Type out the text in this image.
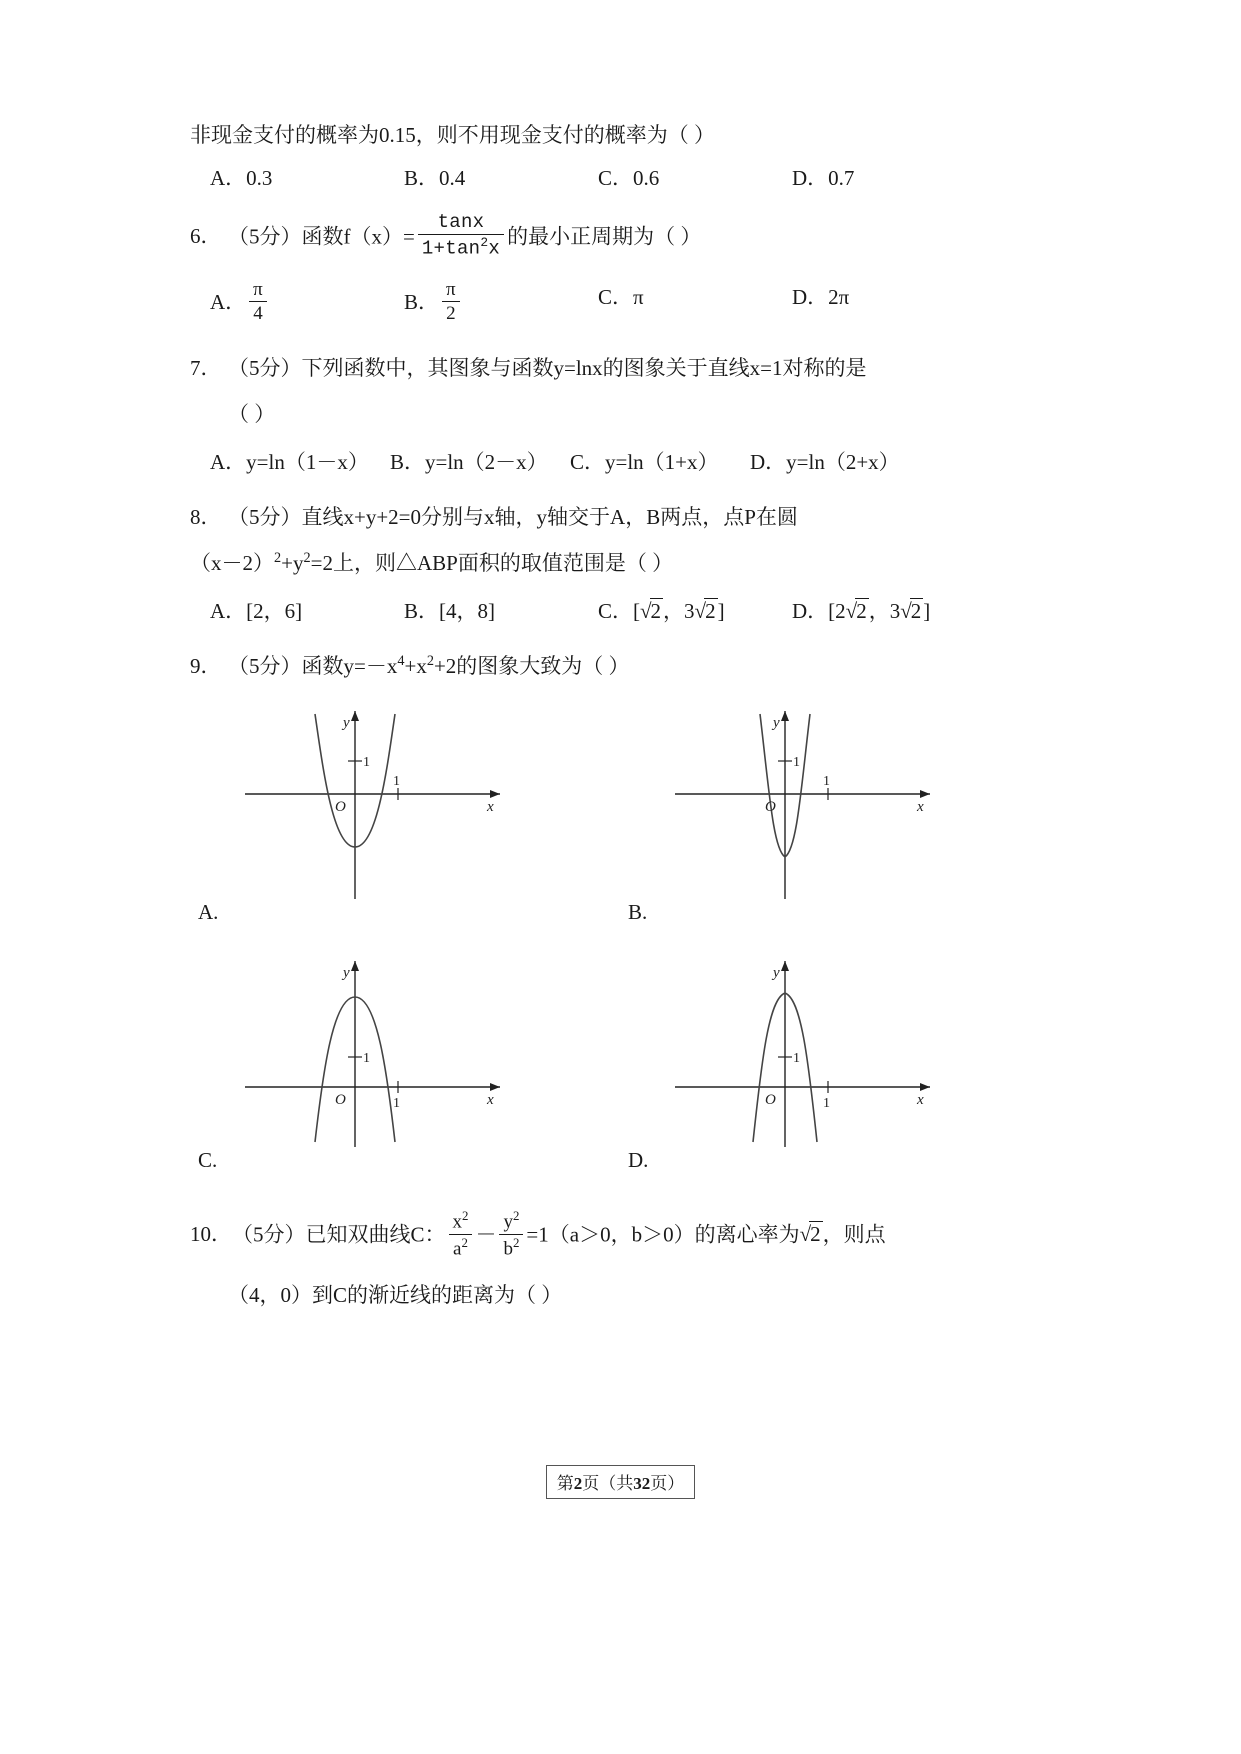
非现金支付的概率为0.15，则不用现金支付的概率为（ ）
A．0.3	B．0.4	C．0.6	D．0.7
6． （5分）函数$f(x)= \frac{\tan x}{1+\tan^2x}$ 的最小正周期为（ ）
A． $\frac{\pi}{4}$	B． $\frac{\pi}{2}$	C．π	D．2π
7． （5分）下列函数中，其图象与函数y=lnx的图象关于直线x=1对称的是
（ ）
A．y=ln（1－x）	B．y=ln（2－x）	C．y=ln（1+x）	D．y=ln（2+x）
8． （5分）直线x+y+2=0分别与x轴，y轴交于A，B两点，点P在圆
$(x-2)^2+y^2=2$上，则△ABP面积的取值范围是（ ）
A．[2，6]	B．[4，8]	C．[√2，3√2]	D．[2√2，3√2]
9． （5分）函数$y=-x^4+x^2+2$的图象大致为（ ）
y
x
O
1
1
A.
y
x
O
1
1
B.
y
x
O	1
1
C.
y
x
O	1
1
D.
10．（5分）已知双曲线C： $\frac{x^2}{a^2} - \frac{y^2}{b^2} =1(a>0$，b＞0）的离心率为√2，则点
（4，0）到C的渐近线的距离为（ ）
第2页（共32页）
